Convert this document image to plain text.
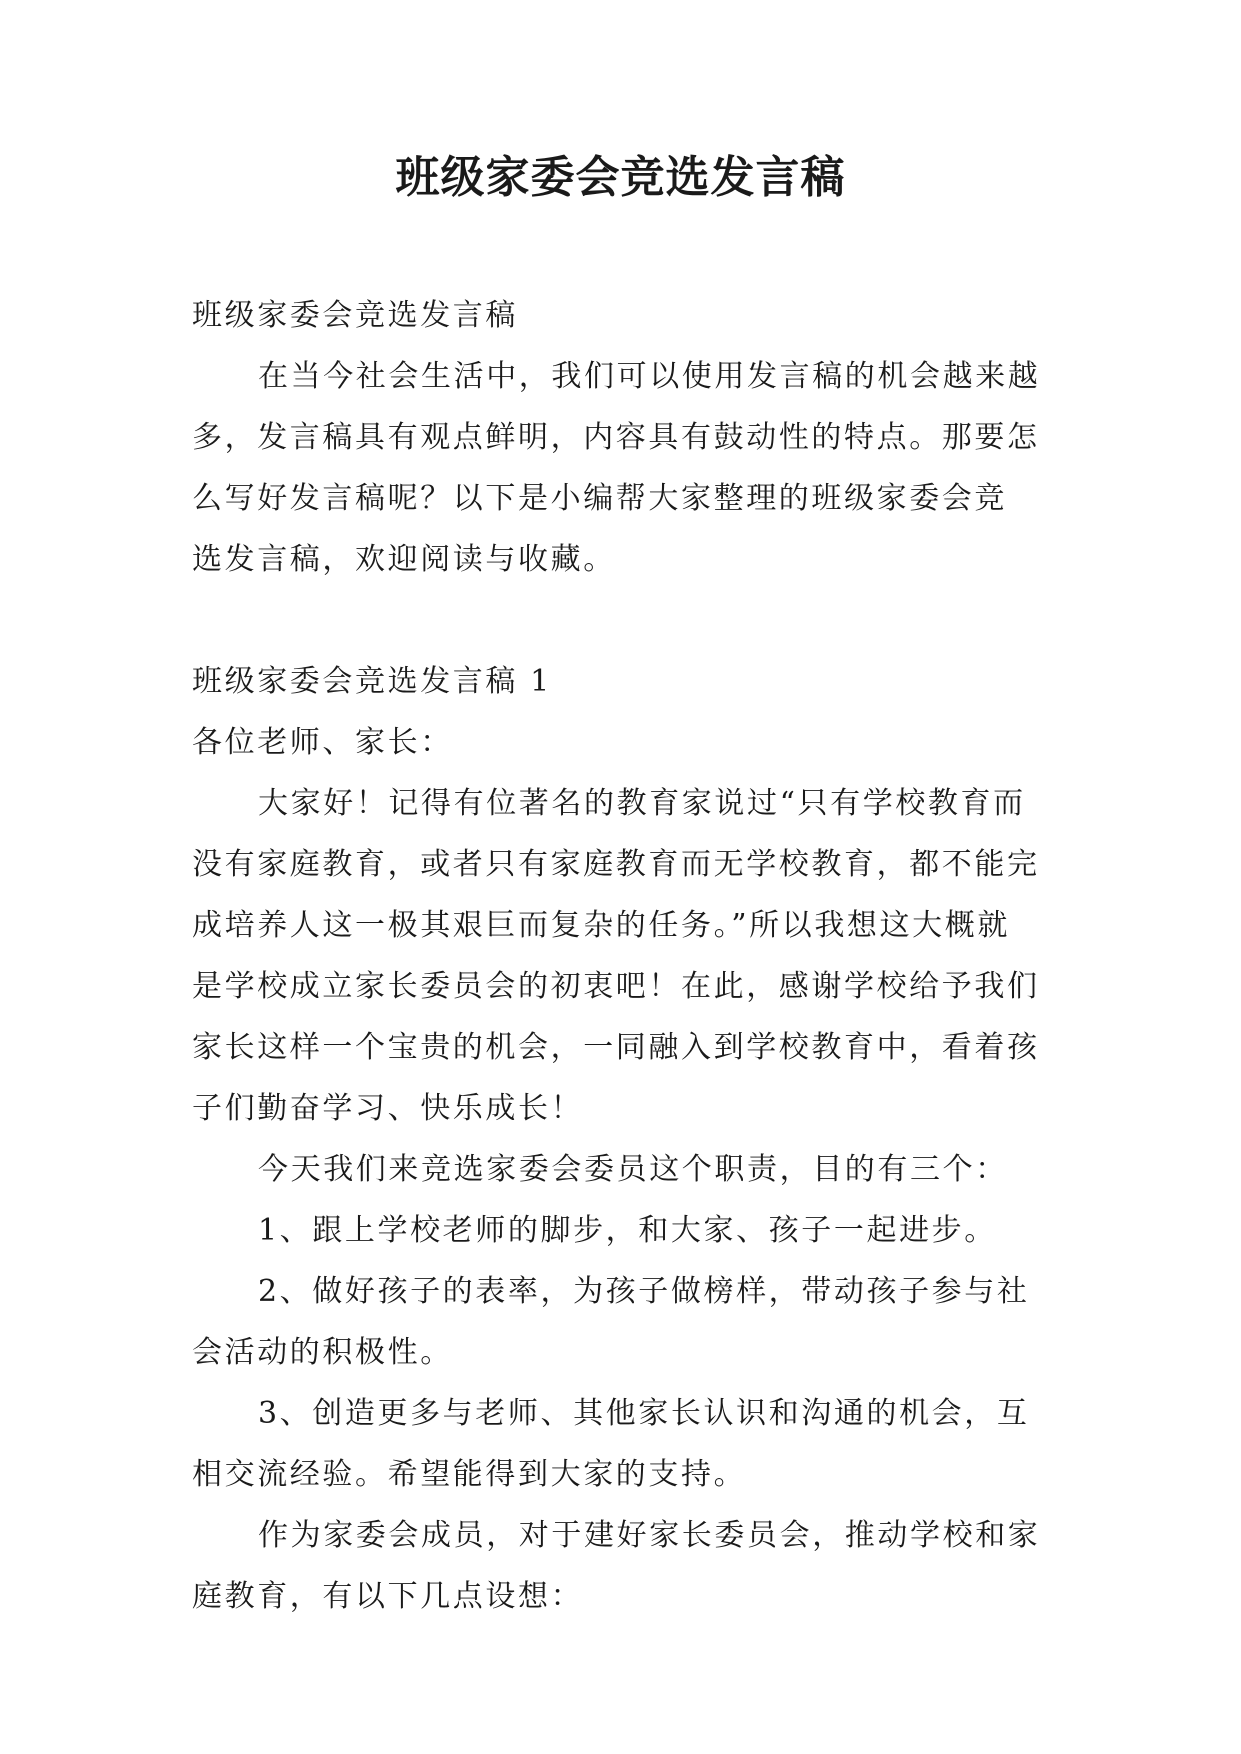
班级家委会竞选发言稿

班级家委会竞选发言稿

在当今社会生活中，我们可以使用发言稿的机会越来越

多，发言稿具有观点鲜明，内容具有鼓动性的特点。那要怎

么写好发言稿呢？以下是小编帮大家整理的班级家委会竞

选发言稿，欢迎阅读与收藏。

班级家委会竞选发言稿 1

各位老师、家长：

大家好！记得有位著名的教育家说过“只有学校教育而

没有家庭教育，或者只有家庭教育而无学校教育，都不能完

成培养人这一极其艰巨而复杂的任务。”所以我想这大概就

是学校成立家长委员会的初衷吧！在此，感谢学校给予我们

家长这样一个宝贵的机会，一同融入到学校教育中，看着孩

子们勤奋学习、快乐成长！

今天我们来竞选家委会委员这个职责，目的有三个：

1、跟上学校老师的脚步，和大家、孩子一起进步。

2、做好孩子的表率，为孩子做榜样，带动孩子参与社

会活动的积极性。

3、创造更多与老师、其他家长认识和沟通的机会，互

相交流经验。希望能得到大家的支持。

作为家委会成员，对于建好家长委员会，推动学校和家

庭教育，有以下几点设想：
